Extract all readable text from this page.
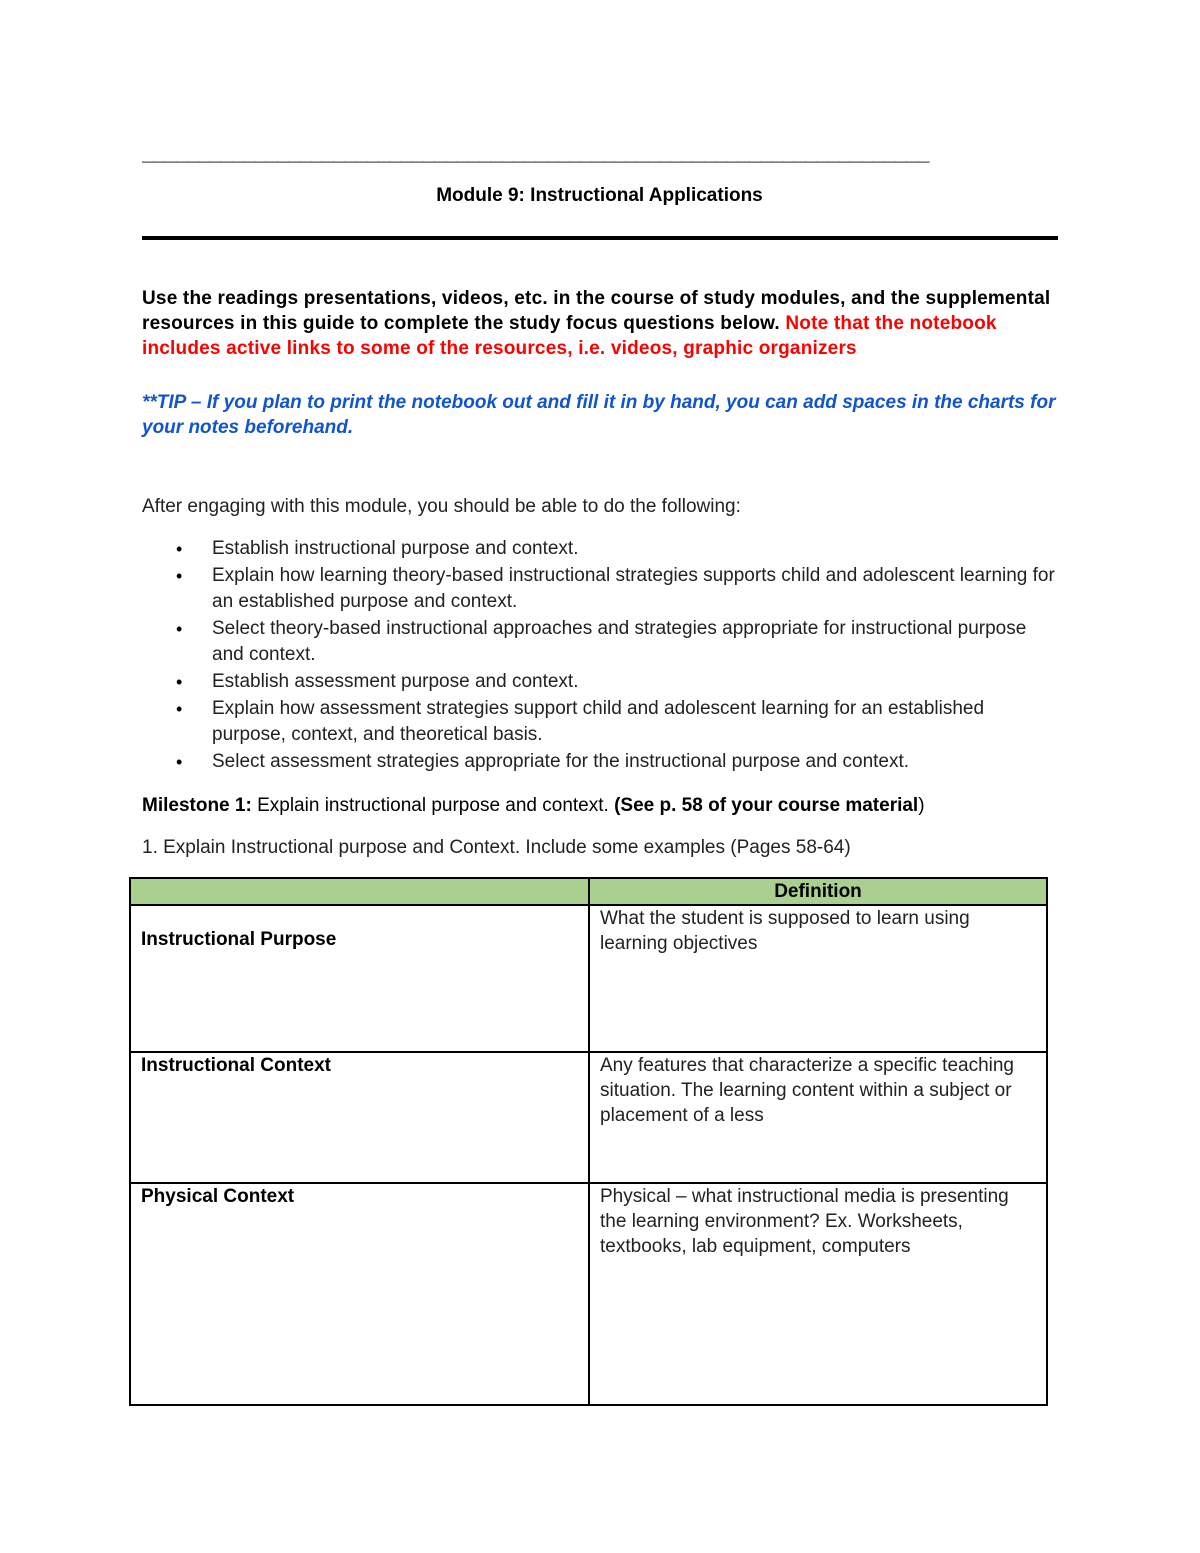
______________________________________________________________________
Module 9: Instructional Applications
Use the readings presentations, videos, etc. in the course of study modules, and the supplemental resources in this guide to complete the study focus questions below. Note that the notebook includes active links to some of the resources, i.e. videos, graphic organizers
**TIP – If you plan to print the notebook out and fill it in by hand, you can add spaces in the charts for your notes beforehand.
After engaging with this module, you should be able to do the following:
• Establish instructional purpose and context.
• Explain how learning theory-based instructional strategies supports child and adolescent learning for an established purpose and context.
• Select theory-based instructional approaches and strategies appropriate for instructional purpose and context.
• Establish assessment purpose and context.
• Explain how assessment strategies support child and adolescent learning for an established purpose, context, and theoretical basis.
• Select assessment strategies appropriate for the instructional purpose and context.
Milestone 1: Explain instructional purpose and context. (See p. 58 of your course material)
1. Explain Instructional purpose and Context. Include some examples (Pages 58-64)
	Definition

Instructional Purpose	What the student is supposed to learn using learning objectives
Instructional Context	Any features that characterize a specific teaching situation. The learning content within a subject or placement of a less
Physical Context	Physical – what instructional media is presenting the learning environment? Ex. Worksheets, textbooks, lab equipment, computers
